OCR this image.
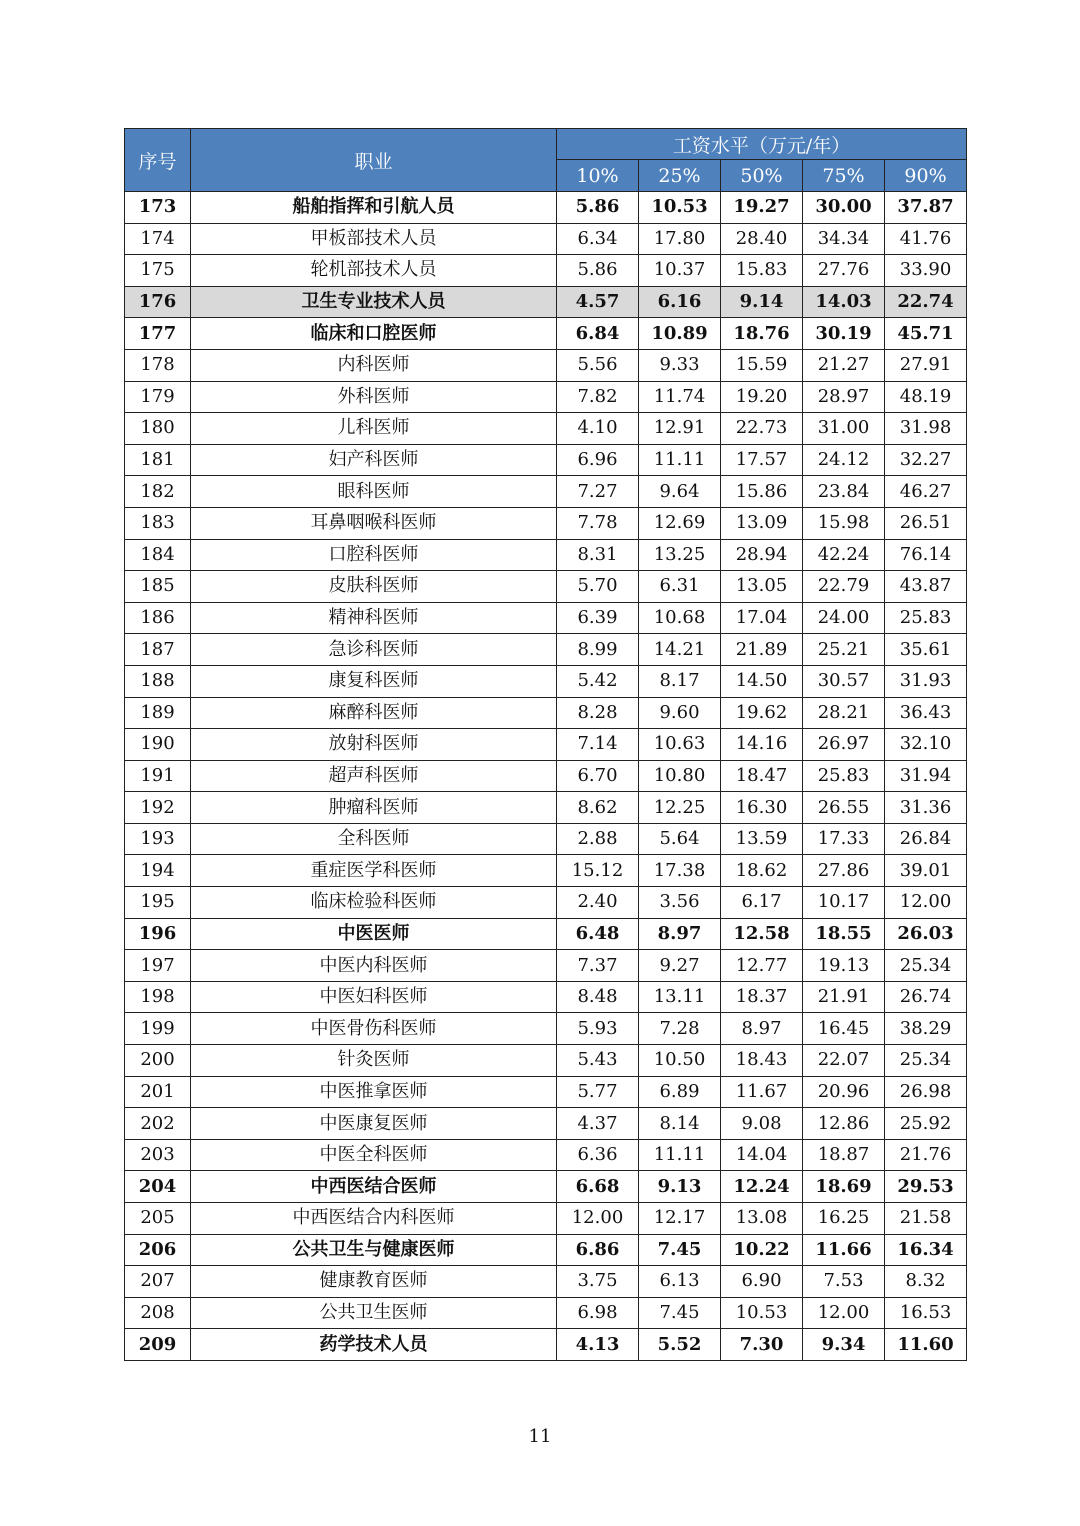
序号	职业	工资水平（万元/年）				
		10%	25%	50%	75%	90%
173	船舶指挥和引航人员	5.86	10.53	19.27	30.00	37.87
174	甲板部技术人员	6.34	17.80	28.40	34.34	41.76
175	轮机部技术人员	5.86	10.37	15.83	27.76	33.90
176	卫生专业技术人员	4.57	6.16	9.14	14.03	22.74
177	临床和口腔医师	6.84	10.89	18.76	30.19	45.71
178	内科医师	5.56	9.33	15.59	21.27	27.91
179	外科医师	7.82	11.74	19.20	28.97	48.19
180	儿科医师	4.10	12.91	22.73	31.00	31.98
181	妇产科医师	6.96	11.11	17.57	24.12	32.27
182	眼科医师	7.27	9.64	15.86	23.84	46.27
183	耳鼻咽喉科医师	7.78	12.69	13.09	15.98	26.51
184	口腔科医师	8.31	13.25	28.94	42.24	76.14
185	皮肤科医师	5.70	6.31	13.05	22.79	43.87
186	精神科医师	6.39	10.68	17.04	24.00	25.83
187	急诊科医师	8.99	14.21	21.89	25.21	35.61
188	康复科医师	5.42	8.17	14.50	30.57	31.93
189	麻醉科医师	8.28	9.60	19.62	28.21	36.43
190	放射科医师	7.14	10.63	14.16	26.97	32.10
191	超声科医师	6.70	10.80	18.47	25.83	31.94
192	肿瘤科医师	8.62	12.25	16.30	26.55	31.36
193	全科医师	2.88	5.64	13.59	17.33	26.84
194	重症医学科医师	15.12	17.38	18.62	27.86	39.01
195	临床检验科医师	2.40	3.56	6.17	10.17	12.00
196	中医医师	6.48	8.97	12.58	18.55	26.03
197	中医内科医师	7.37	9.27	12.77	19.13	25.34
198	中医妇科医师	8.48	13.11	18.37	21.91	26.74
199	中医骨伤科医师	5.93	7.28	8.97	16.45	38.29
200	针灸医师	5.43	10.50	18.43	22.07	25.34
201	中医推拿医师	5.77	6.89	11.67	20.96	26.98
202	中医康复医师	4.37	8.14	9.08	12.86	25.92
203	中医全科医师	6.36	11.11	14.04	18.87	21.76
204	中西医结合医师	6.68	9.13	12.24	18.69	29.53
205	中西医结合内科医师	12.00	12.17	13.08	16.25	21.58
206	公共卫生与健康医师	6.86	7.45	10.22	11.66	16.34
207	健康教育医师	3.75	6.13	6.90	7.53	8.32
208	公共卫生医师	6.98	7.45	10.53	12.00	16.53
209	药学技术人员	4.13	5.52	7.30	9.34	11.60
11
